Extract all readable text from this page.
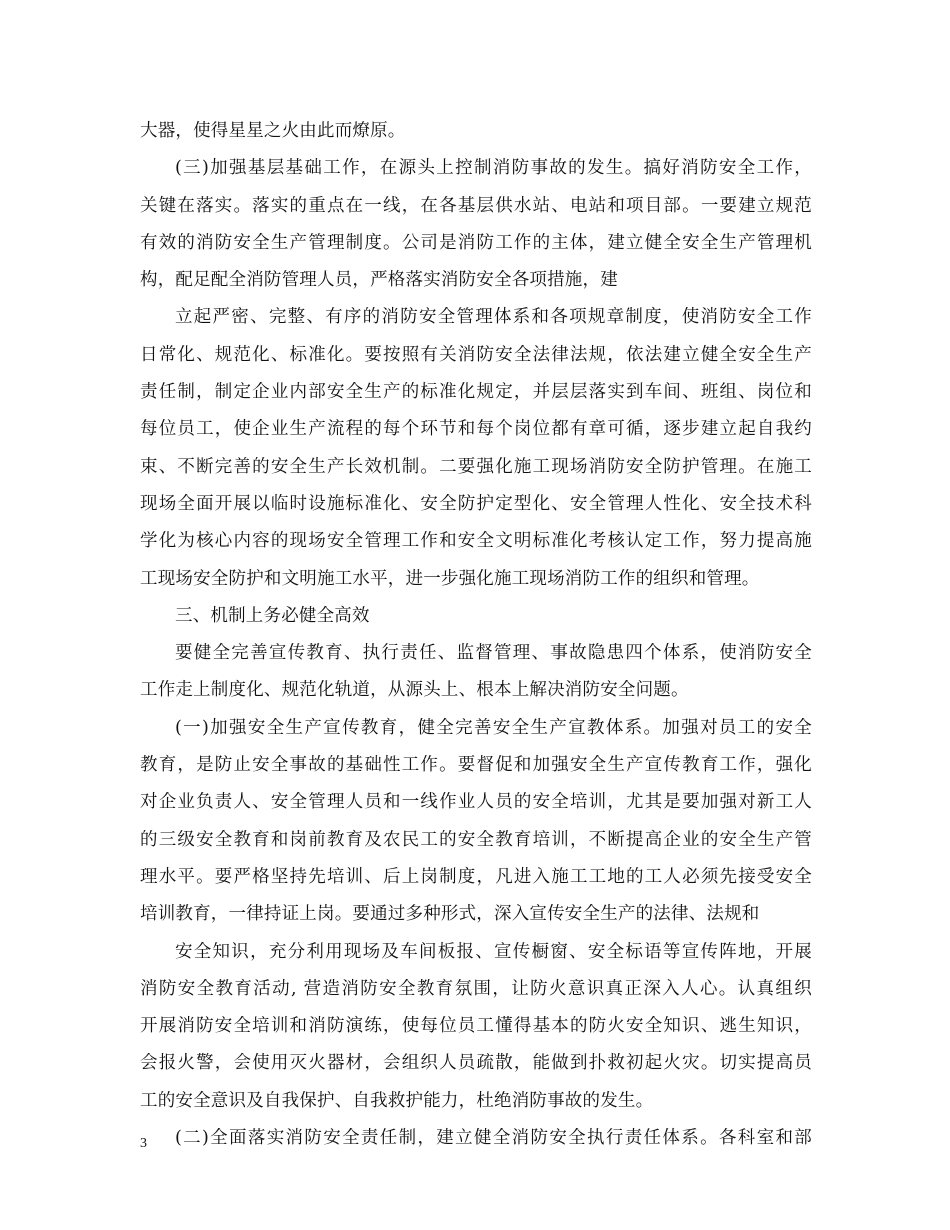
大器，使得星星之火由此而燎原。
(三)加强基层基础工作，在源头上控制消防事故的发生。搞好消防安全工作，
关键在落实。落实的重点在一线，在各基层供水站、电站和项目部。一要建立规范
有效的消防安全生产管理制度。公司是消防工作的主体，建立健全安全生产管理机
构，配足配全消防管理人员，严格落实消防安全各项措施，建
立起严密、完整、有序的消防安全管理体系和各项规章制度，使消防安全工作
日常化、规范化、标准化。要按照有关消防安全法律法规，依法建立健全安全生产
责任制，制定企业内部安全生产的标准化规定，并层层落实到车间、班组、岗位和
每位员工，使企业生产流程的每个环节和每个岗位都有章可循，逐步建立起自我约
束、不断完善的安全生产长效机制。二要强化施工现场消防安全防护管理。在施工
现场全面开展以临时设施标准化、安全防护定型化、安全管理人性化、安全技术科
学化为核心内容的现场安全管理工作和安全文明标准化考核认定工作，努力提高施
工现场安全防护和文明施工水平，进一步强化施工现场消防工作的组织和管理。
三、机制上务必健全高效
要健全完善宣传教育、执行责任、监督管理、事故隐患四个体系，使消防安全
工作走上制度化、规范化轨道，从源头上、根本上解决消防安全问题。
(一)加强安全生产宣传教育，健全完善安全生产宣教体系。加强对员工的安全
教育，是防止安全事故的基础性工作。要督促和加强安全生产宣传教育工作，强化
对企业负责人、安全管理人员和一线作业人员的安全培训，尤其是要加强对新工人
的三级安全教育和岗前教育及农民工的安全教育培训，不断提高企业的安全生产管
理水平。要严格坚持先培训、后上岗制度，凡进入施工工地的工人必须先接受安全
培训教育，一律持证上岗。要通过多种形式，深入宣传安全生产的法律、法规和
安全知识，充分利用现场及车间板报、宣传橱窗、安全标语等宣传阵地，开展
消防安全教育活动, 营造消防安全教育氛围，让防火意识真正深入人心。认真组织
开展消防安全培训和消防演练，使每位员工懂得基本的防火安全知识、逃生知识，
会报火警，会使用灭火器材，会组织人员疏散，能做到扑救初起火灾。切实提高员
工的安全意识及自我保护、自我救护能力，杜绝消防事故的发生。
(二)全面落实消防安全责任制，建立健全消防安全执行责任体系。各科室和部
3
